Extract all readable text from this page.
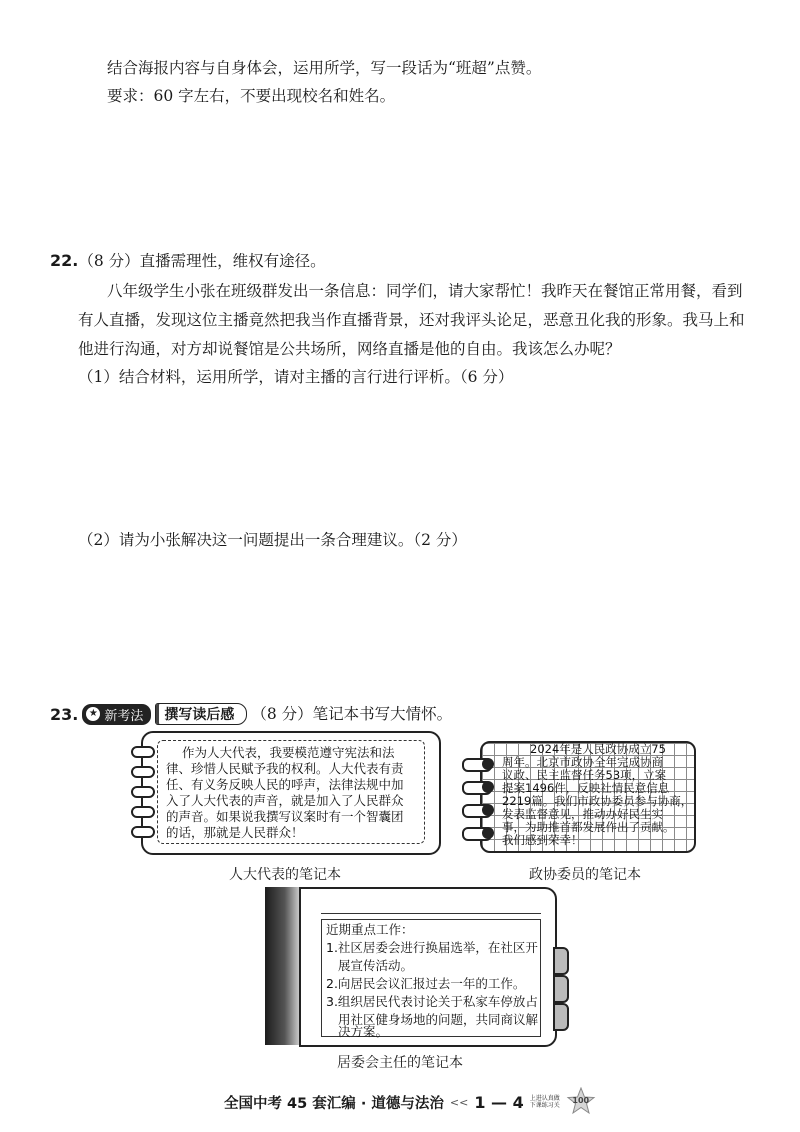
结合海报内容与自身体会，运用所学，写一段话为“班超”点赞。
要求：60 字左右，不要出现校名和姓名。
22. （8 分）直播需理性，维权有途径。
八年级学生小张在班级群发出一条信息：同学们，请大家帮忙！我昨天在餐馆正常用餐，看到
有人直播，发现这位主播竟然把我当作直播背景，还对我评头论足，恶意丑化我的形象。我马上和
他进行沟通，对方却说餐馆是公共场所，网络直播是他的自由。我该怎么办呢？
（1）结合材料，运用所学，请对主播的言行进行评析。（6 分）
（2）请为小张解决这一问题提出一条合理建议。（2 分）
23. ★ 新考法	撰写读后感	（8 分）笔记本书写大情怀。
作为人大代表，我要模范遵守宪法和法
律、珍惜人民赋予我的权利。人大代表有责
任、有义务反映人民的呼声，法律法规中加
入了人大代表的声音，就是加入了人民群众
的声音。如果说我撰写议案时有一个智囊团
的话，那就是人民群众！
人大代表的笔记本
2024年是人民政协成立75
周年。北京市政协全年完成协商
议政、民主监督任务53项，立案
提案1496件，反映社情民意信息
2219篇。我们市政协委员参与协商，
发表监督意见，推动办好民生实
事，为助推首都发展作出了贡献。
我们感到荣幸！
政协委员的笔记本
近期重点工作：
1.社区居委会进行换届选举，在社区开
展宣传活动。
2.向居民会议汇报过去一年的工作。
3.组织居民代表讨论关于私家车停放占
用社区健身场地的问题，共同商议解
决方案。
居委会主任的笔记本
全国中考 45 套汇编 · 道德与法治 << 1 — 4 上进认真做
下课练习关
100
